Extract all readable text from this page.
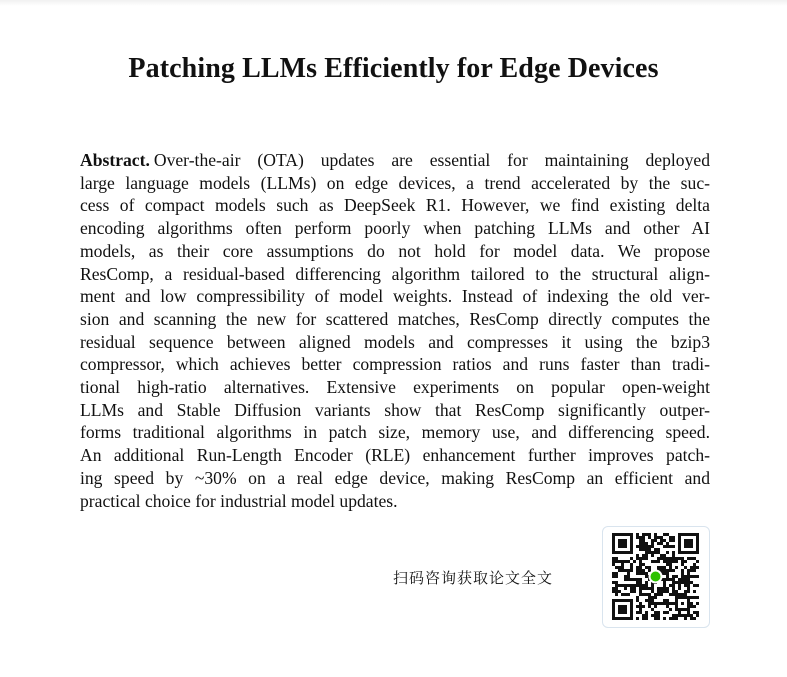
Patching LLMs Efficiently for Edge Devices

Abstract. Over-the-air (OTA) updates are essential for maintaining deployed
large language models (LLMs) on edge devices, a trend accelerated by the suc-
cess of compact models such as DeepSeek R1. However, we find existing delta
encoding algorithms often perform poorly when patching LLMs and other AI
models, as their core assumptions do not hold for model data. We propose
ResComp, a residual-based differencing algorithm tailored to the structural align-
ment and low compressibility of model weights. Instead of indexing the old ver-
sion and scanning the new for scattered matches, ResComp directly computes the
residual sequence between aligned models and compresses it using the bzip3
compressor, which achieves better compression ratios and runs faster than tradi-
tional high-ratio alternatives. Extensive experiments on popular open-weight
LLMs and Stable Diffusion variants show that ResComp significantly outper-
forms traditional algorithms in patch size, memory use, and differencing speed.
An additional Run-Length Encoder (RLE) enhancement further improves patch-
ing speed by ~30% on a real edge device, making ResComp an efficient and
practical choice for industrial model updates.

扫码咨询获取论文全文
